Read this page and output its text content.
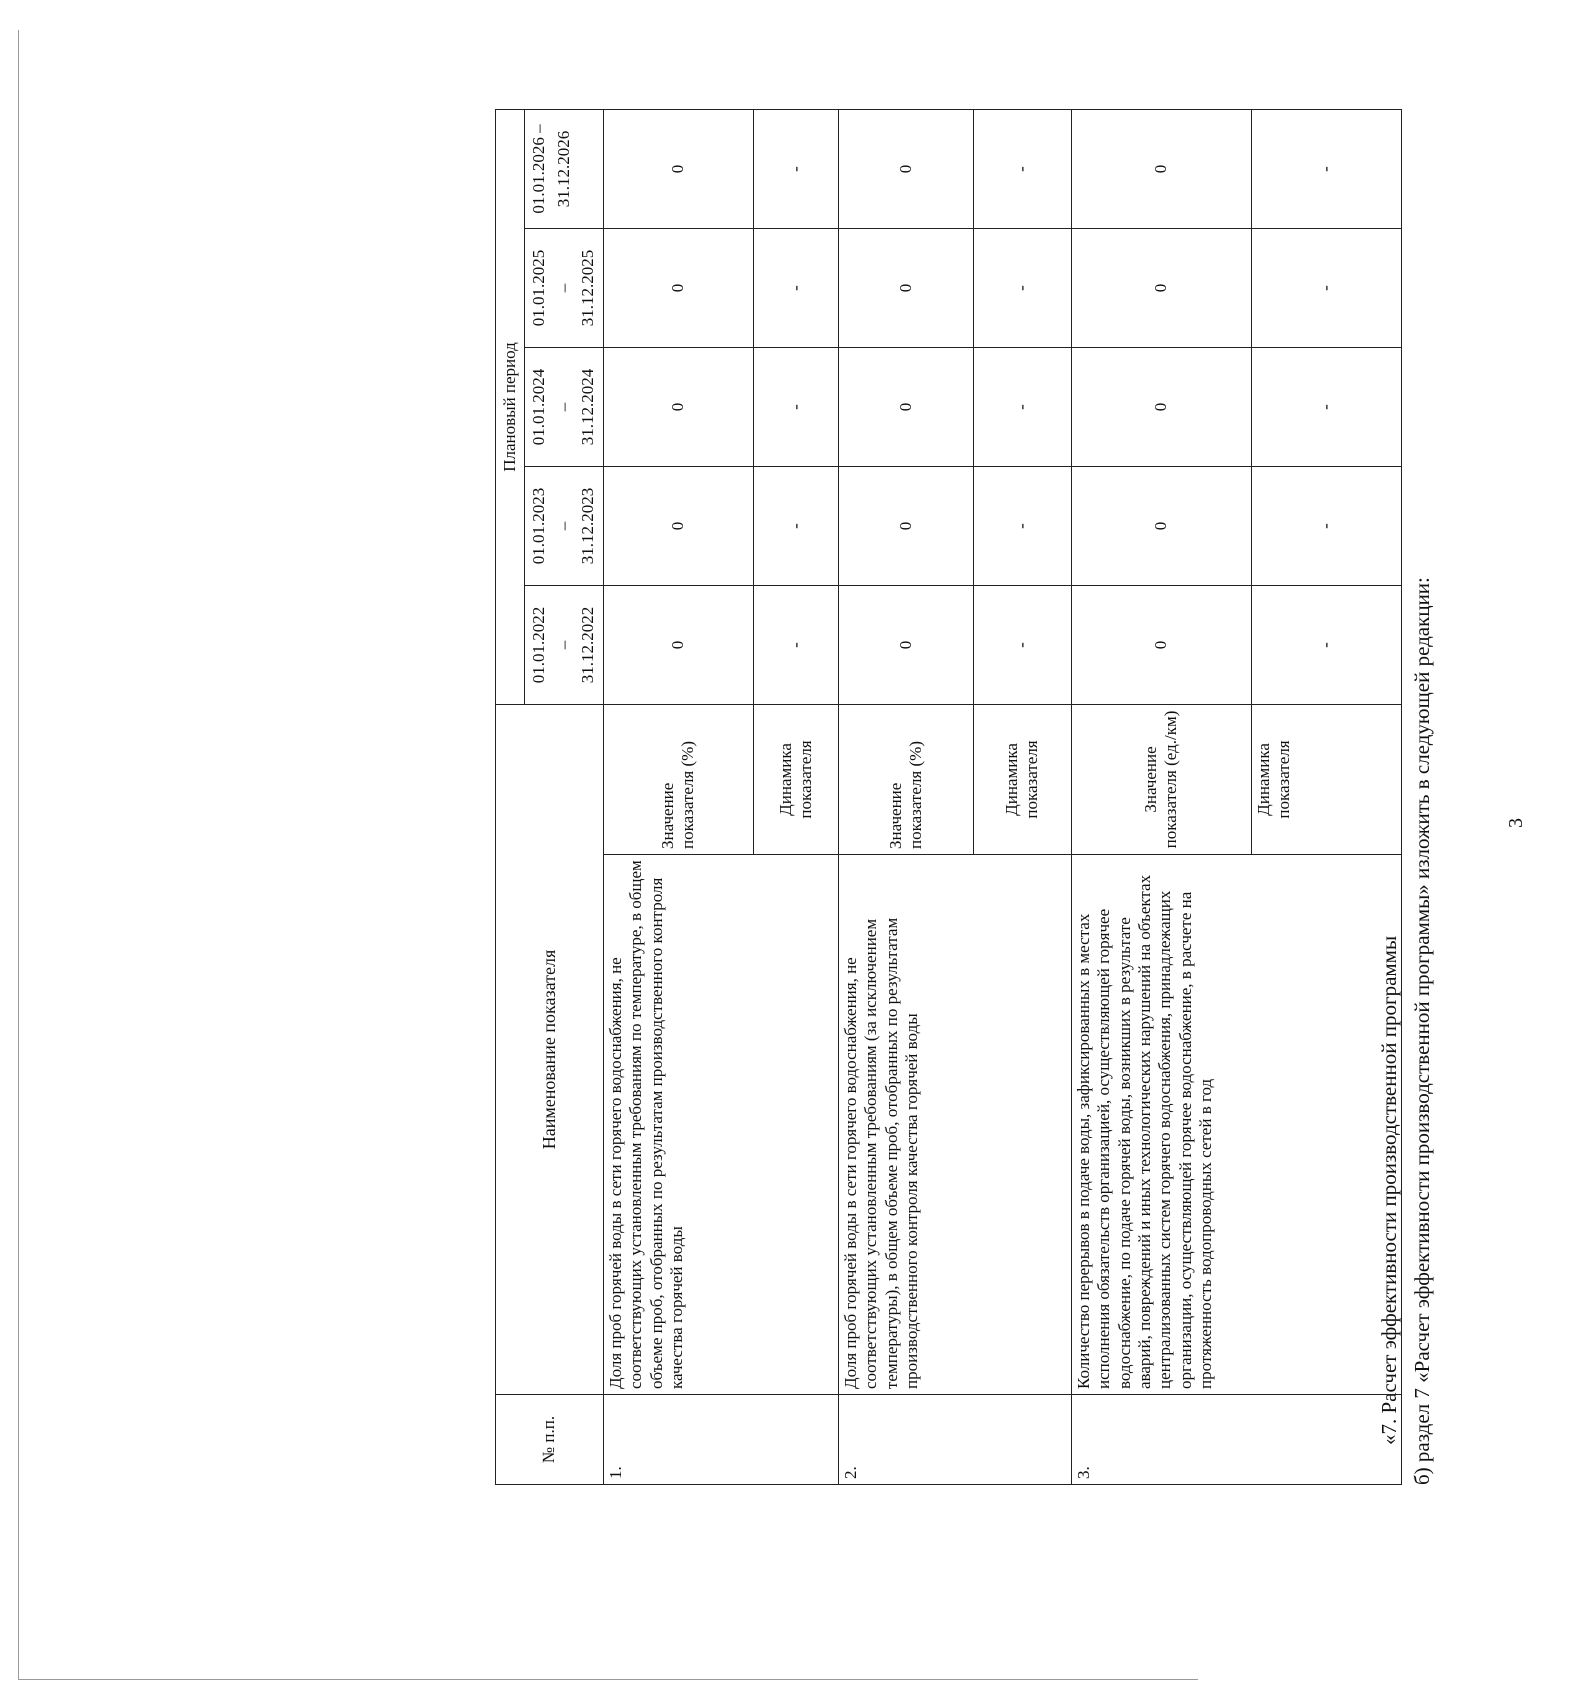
3
б) раздел 7 «Расчет эффективности производственной программы» изложить в следующей редакции:
«7. Расчет эффективности производственной программы
№ п.п.	Наименование показателя		Плановый период				

			01.01.2022 – 31.12.2022	01.01.2023 – 31.12.2023	01.01.2024 – 31.12.2024	01.01.2025 – 31.12.2025	01.01.2026 – 31.12.2026

1.	Доля проб горячей воды в сети горячего водоснабжения, не соответствующих установленным требованиям по температуре, в общем объеме проб, отобранных по результатам производственного контроля качества горячей воды	Значение показателя (%)	0	0	0	0	0
		Динамика показателя	-	-	-	-	-
2.	Доля проб горячей воды в сети горячего водоснабжения, не соответствующих установленным требованиям (за исключением температуры), в общем объеме проб, отобранных по результатам производственного контроля качества горячей воды	Значение показателя (%)	0	0	0	0	0
		Динамика показателя	-	-	-	-	-
3.	Количество перерывов в подаче воды, зафиксированных в местах исполнения обязательств организацией, осуществляющей горячее водоснабжение, по подаче горячей воды, возникших в результате аварий, повреждений и иных технологических нарушений на объектах централизованных систем горячего водоснабжения, принадлежащих организации, осуществляющей горячее водоснабжение, в расчете на протяженность водопроводных сетей в год	Значение показателя (ед./км)	0	0	0	0	0
		Динамика показателя	-	-	-	-	-
